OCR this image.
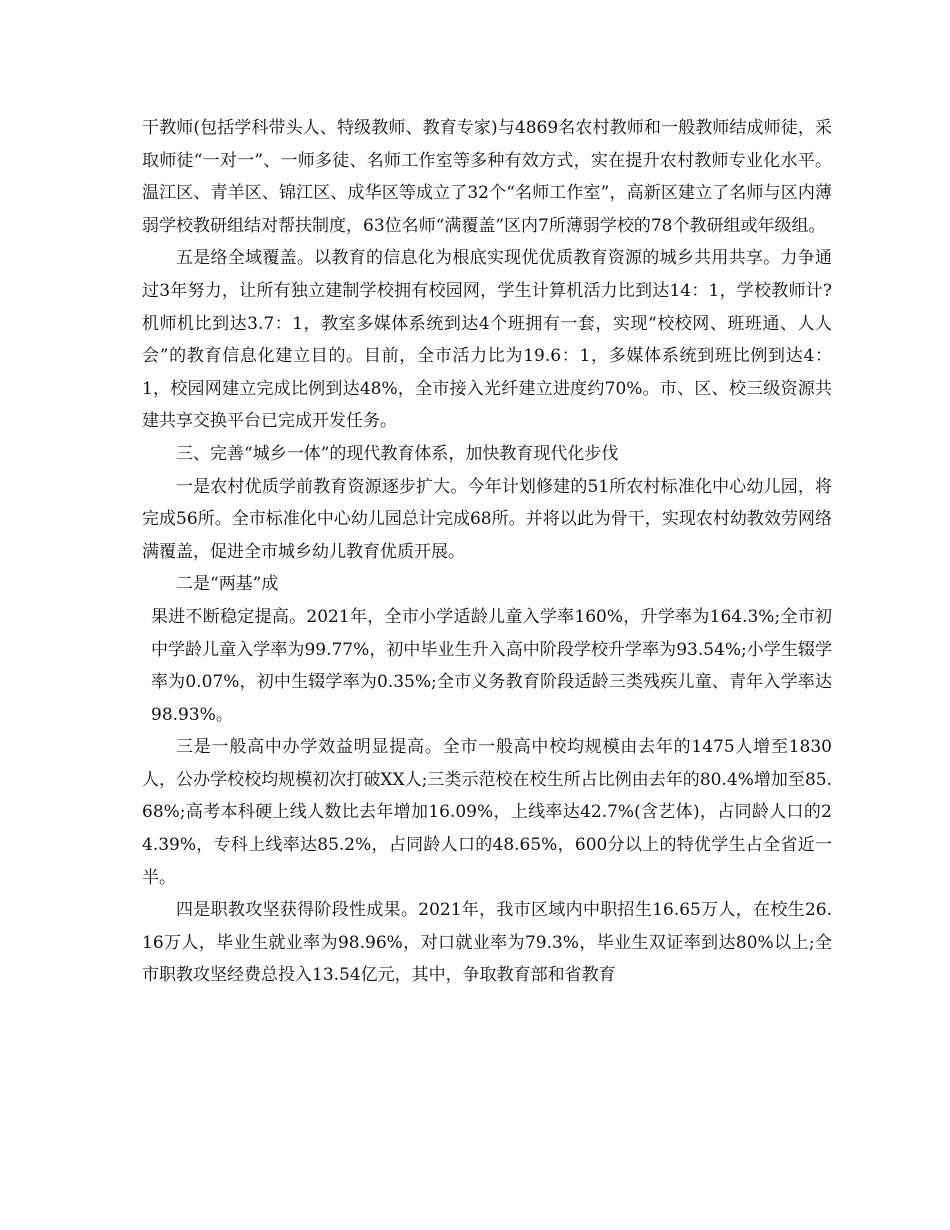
干教师(包括学科带头人、特级教师、教育专家)与4869名农村教师和一般教师结成师徒，采取师徒“一对一”、一师多徒、名师工作室等多种有效方式，实在提升农村教师专业化水平。温江区、青羊区、锦江区、成华区等成立了32个“名师工作室”，高新区建立了名师与区内薄弱学校教研组结对帮扶制度，63位名师“满覆盖”区内7所薄弱学校的78个教研组或年级组。

五是络全域覆盖。以教育的信息化为根底实现优优质教育资源的城乡共用共享。力争通过3年努力，让所有独立建制学校拥有校园网，学生计算机活力比到达14：1，学校教师计?机师机比到达3.7：1，教室多媒体系统到达4个班拥有一套，实现“校校网、班班通、人人会”的教育信息化建立目的。目前，全市活力比为19.6：1，多媒体系统到班比例到达4：1，校园网建立完成比例到达48%，全市接入光纤建立进度约70%。市、区、校三级资源共建共享交换平台已完成开发任务。

三、完善“城乡一体”的现代教育体系，加快教育现代化步伐

一是农村优质学前教育资源逐步扩大。今年计划修建的51所农村标准化中心幼儿园，将完成56所。全市标准化中心幼儿园总计完成68所。并将以此为骨干，实现农村幼教效劳网络满覆盖，促进全市城乡幼儿教育优质开展。

二是“两基”成

果进不断稳定提高。2021年，全市小学适龄儿童入学率160%，升学率为164.3%;全市初中学龄儿童入学率为99.77%，初中毕业生升入高中阶段学校升学率为93.54%;小学生辍学率为0.07%，初中生辍学率为0.35%;全市义务教育阶段适龄三类残疾儿童、青年入学率达98.93%。

三是一般高中办学效益明显提高。全市一般高中校均规模由去年的1475人增至1830人，公办学校校均规模初次打破XX人;三类示范校在校生所占比例由去年的80.4%增加至85.68%;高考本科硬上线人数比去年增加16.09%，上线率达42.7%(含艺体)，占同龄人口的24.39%，专科上线率达85.2%，占同龄人口的48.65%，600分以上的特优学生占全省近一半。

四是职教攻坚获得阶段性成果。2021年，我市区域内中职招生16.65万人，在校生26.16万人，毕业生就业率为98.96%，对口就业率为79.3%，毕业生双证率到达80%以上;全市职教攻坚经费总投入13.54亿元，其中，争取教育部和省教育
